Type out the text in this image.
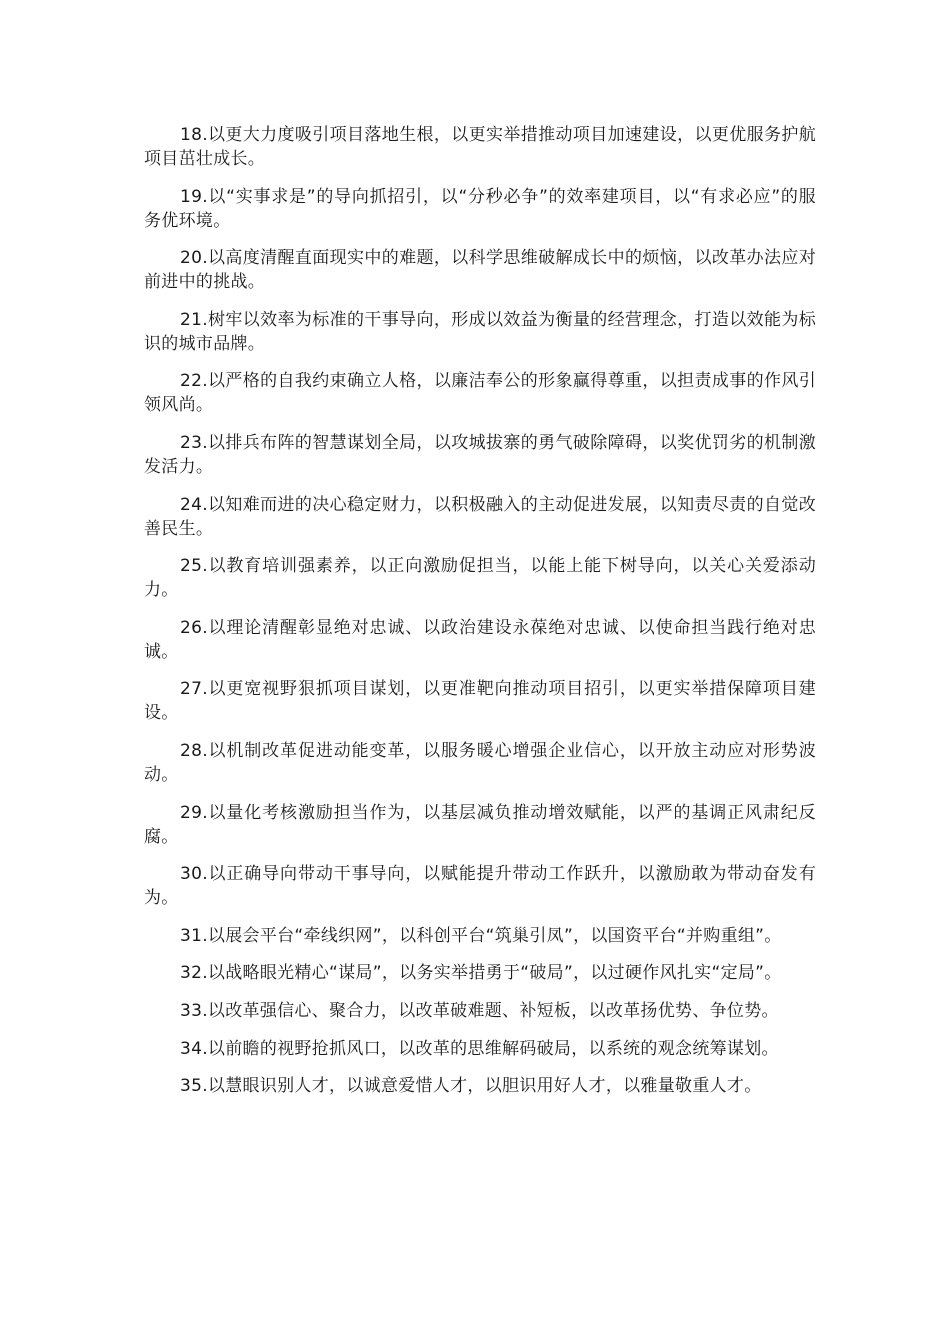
18.以更大力度吸引项目落地生根，以更实举措推动项目加速建设，以更优服务护航项目茁壮成长。

19.以“实事求是”的导向抓招引，以“分秒必争”的效率建项目，以“有求必应”的服务优环境。

20.以高度清醒直面现实中的难题，以科学思维破解成长中的烦恼，以改革办法应对前进中的挑战。

21.树牢以效率为标准的干事导向，形成以效益为衡量的经营理念，打造以效能为标识的城市品牌。

22.以严格的自我约束确立人格，以廉洁奉公的形象赢得尊重，以担责成事的作风引领风尚。

23.以排兵布阵的智慧谋划全局，以攻城拔寨的勇气破除障碍，以奖优罚劣的机制激发活力。

24.以知难而进的决心稳定财力，以积极融入的主动促进发展，以知责尽责的自觉改善民生。

25.以教育培训强素养，以正向激励促担当，以能上能下树导向，以关心关爱添动力。

26.以理论清醒彰显绝对忠诚、以政治建设永葆绝对忠诚、以使命担当践行绝对忠诚。

27.以更宽视野狠抓项目谋划，以更准靶向推动项目招引，以更实举措保障项目建设。

28.以机制改革促进动能变革，以服务暖心增强企业信心，以开放主动应对形势波动。

29.以量化考核激励担当作为，以基层减负推动增效赋能，以严的基调正风肃纪反腐。

30.以正确导向带动干事导向，以赋能提升带动工作跃升，以激励敢为带动奋发有为。

31.以展会平台“牵线织网”，以科创平台“筑巢引凤”，以国资平台“并购重组”。

32.以战略眼光精心“谋局”，以务实举措勇于“破局”，以过硬作风扎实“定局”。

33.以改革强信心、聚合力，以改革破难题、补短板，以改革扬优势、争位势。

34.以前瞻的视野抢抓风口，以改革的思维解码破局，以系统的观念统筹谋划。

35.以慧眼识别人才，以诚意爱惜人才，以胆识用好人才，以雅量敬重人才。
